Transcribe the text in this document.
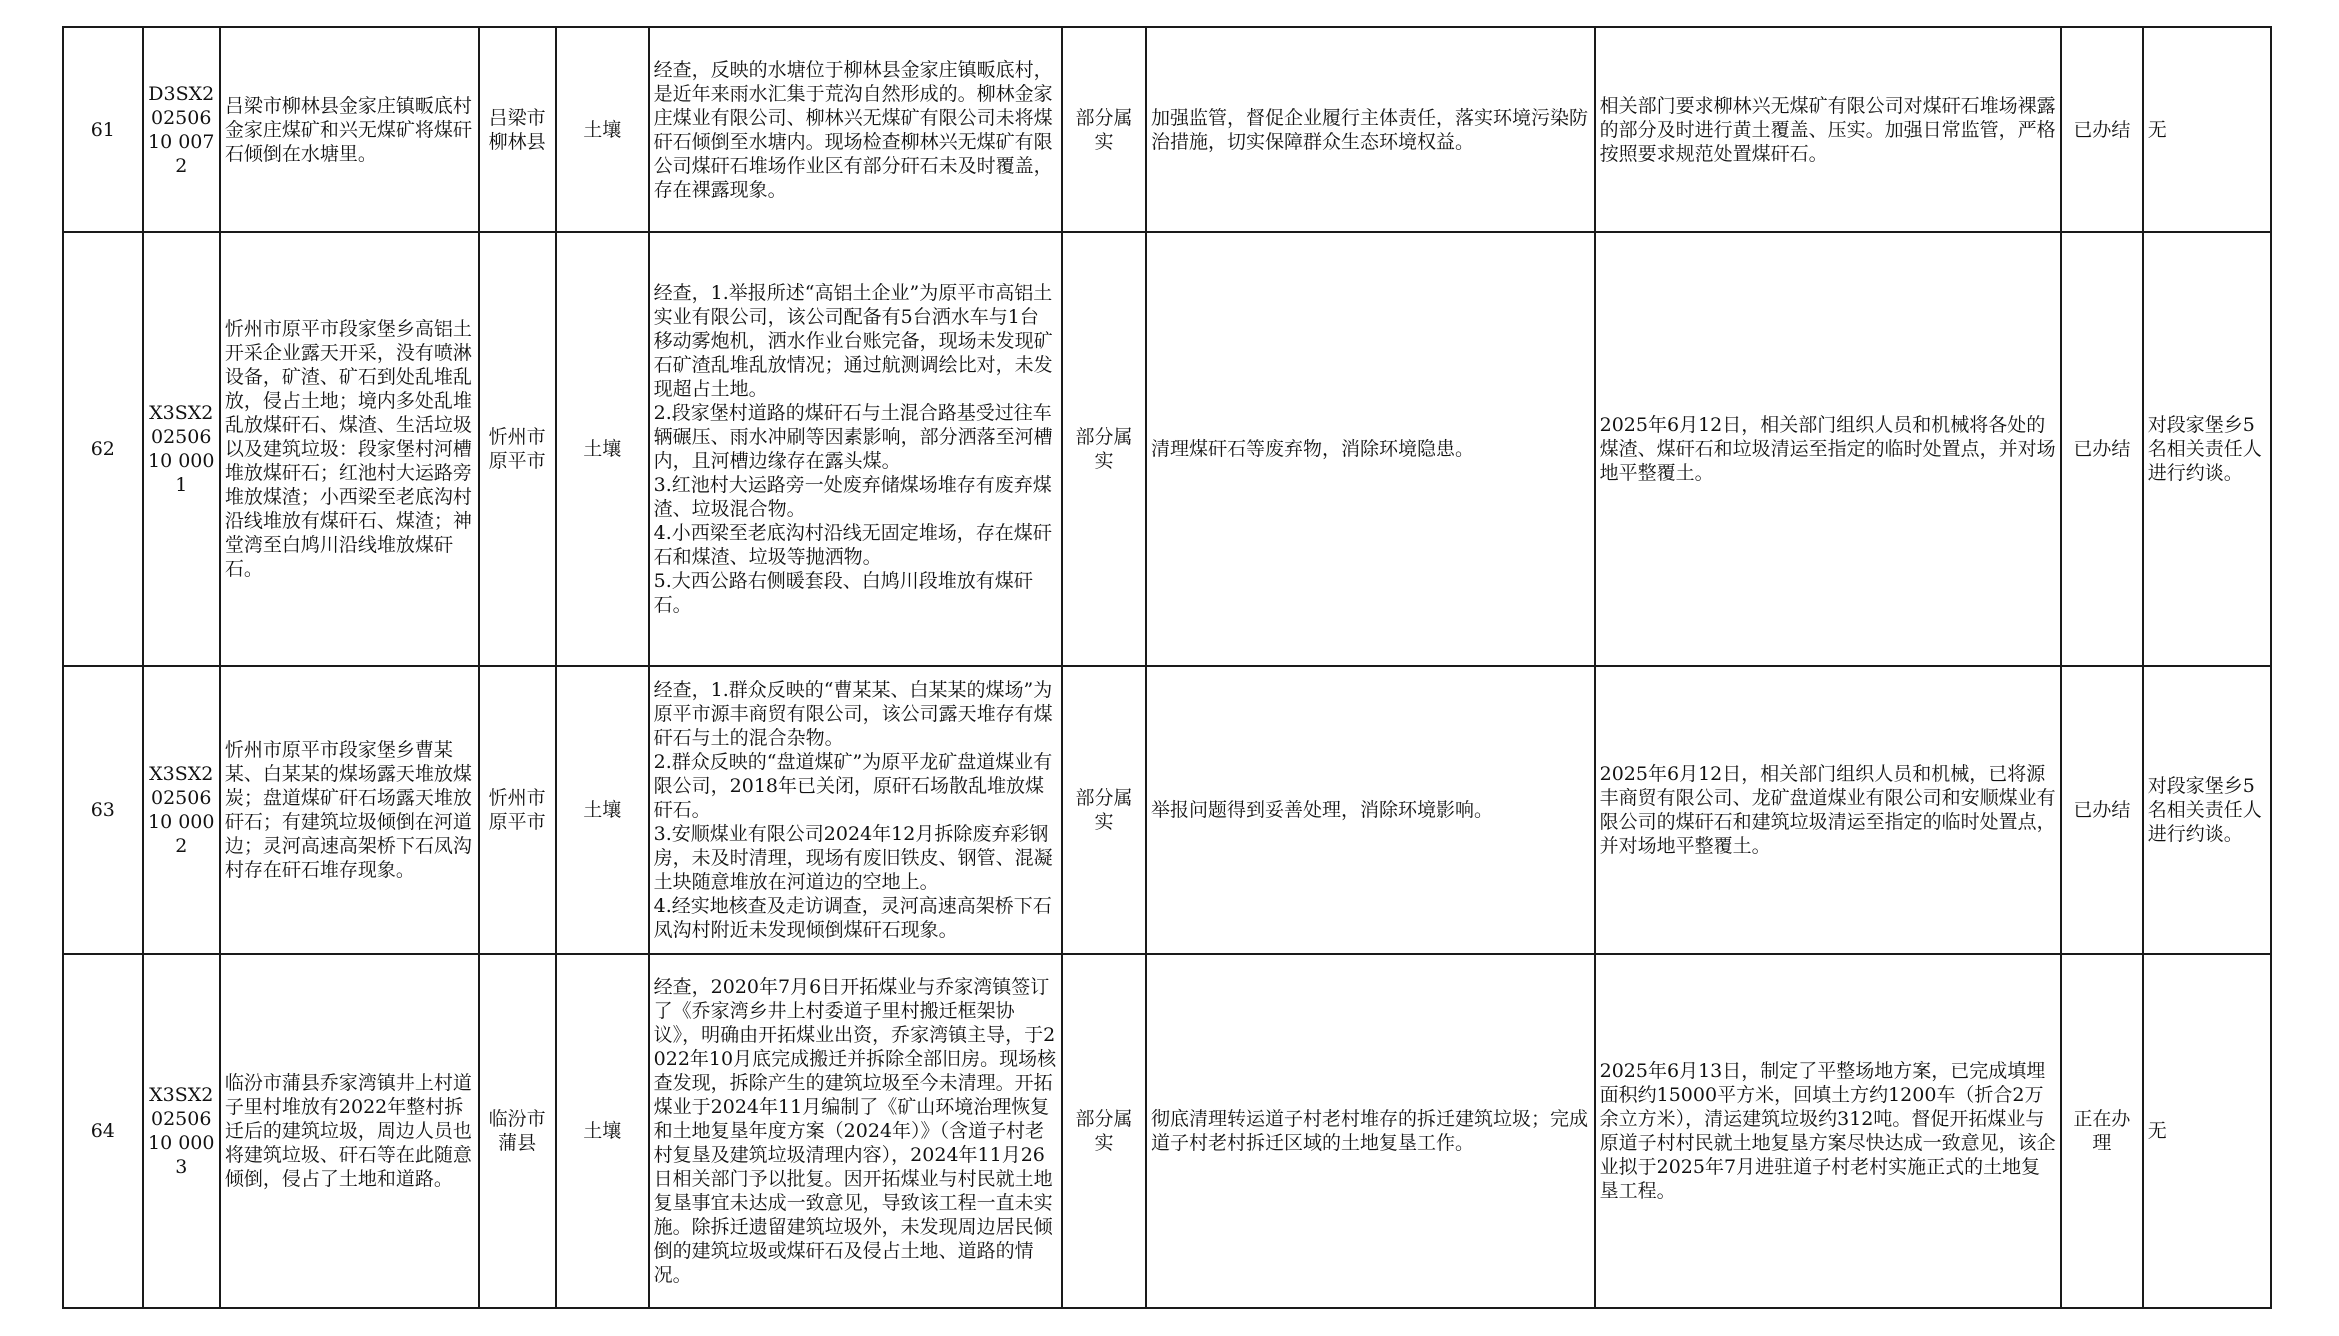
61	D3SX20250610 0072	吕梁市柳林县金家庄镇畈底村金家庄煤矿和兴无煤矿将煤矸石倾倒在水塘里。	吕梁市柳林县	土壤	经查，反映的水塘位于柳林县金家庄镇畈底村，是近年来雨水汇集于荒沟自然形成的。柳林金家庄煤业有限公司、柳林兴无煤矿有限公司未将煤矸石倾倒至水塘内。现场检查柳林兴无煤矿有限公司煤矸石堆场作业区有部分矸石未及时覆盖，存在裸露现象。	部分属实	加强监管，督促企业履行主体责任，落实环境污染防治措施，切实保障群众生态环境权益。	相关部门要求柳林兴无煤矿有限公司对煤矸石堆场裸露的部分及时进行黄土覆盖、压实。加强日常监管，严格按照要求规范处置煤矸石。	已办结	无
62	X3SX20250610 0001	忻州市原平市段家堡乡高铝土开采企业露天开采，没有喷淋设备，矿渣、矿石到处乱堆乱放，侵占土地；境内多处乱堆乱放煤矸石、煤渣、生活垃圾以及建筑垃圾：段家堡村河槽堆放煤矸石；红池村大运路旁堆放煤渣；小西梁至老底沟村沿线堆放有煤矸石、煤渣；神堂湾至白鸠川沿线堆放煤矸石。	忻州市原平市	土壤	经查，1.举报所述“高铝土企业”为原平市高铝土实业有限公司，该公司配备有5台洒水车与1台移动雾炮机，洒水作业台账完备，现场未发现矿石矿渣乱堆乱放情况；通过航测调绘比对，未发现超占土地。
2.段家堡村道路的煤矸石与土混合路基受过往车辆碾压、雨水冲刷等因素影响，部分洒落至河槽内，且河槽边缘存在露头煤。
3.红池村大运路旁一处废弃储煤场堆存有废弃煤渣、垃圾混合物。
4.小西梁至老底沟村沿线无固定堆场，存在煤矸石和煤渣、垃圾等抛洒物。
5.大西公路右侧暖套段、白鸠川段堆放有煤矸石。	部分属实	清理煤矸石等废弃物，消除环境隐患。	2025年6月12日，相关部门组织人员和机械将各处的煤渣、煤矸石和垃圾清运至指定的临时处置点，并对场地平整覆土。	已办结	对段家堡乡5名相关责任人进行约谈。
63	X3SX20250610 0002	忻州市原平市段家堡乡曹某某、白某某的煤场露天堆放煤炭；盘道煤矿矸石场露天堆放矸石；有建筑垃圾倾倒在河道边；灵河高速高架桥下石凤沟村存在矸石堆存现象。	忻州市原平市	土壤	经查，1.群众反映的“曹某某、白某某的煤场”为原平市源丰商贸有限公司，该公司露天堆存有煤矸石与土的混合杂物。
2.群众反映的“盘道煤矿”为原平龙矿盘道煤业有限公司，2018年已关闭，原矸石场散乱堆放煤矸石。
3.安顺煤业有限公司2024年12月拆除废弃彩钢房，未及时清理，现场有废旧铁皮、钢管、混凝土块随意堆放在河道边的空地上。
4.经实地核查及走访调查，灵河高速高架桥下石凤沟村附近未发现倾倒煤矸石现象。	部分属实	举报问题得到妥善处理，消除环境影响。	2025年6月12日，相关部门组织人员和机械，已将源丰商贸有限公司、龙矿盘道煤业有限公司和安顺煤业有限公司的煤矸石和建筑垃圾清运至指定的临时处置点，并对场地平整覆土。	已办结	对段家堡乡5名相关责任人进行约谈。
64	X3SX20250610 0003	临汾市蒲县乔家湾镇井上村道子里村堆放有2022年整村拆迁后的建筑垃圾，周边人员也将建筑垃圾、矸石等在此随意倾倒，侵占了土地和道路。	临汾市蒲县	土壤	经查，2020年7月6日开拓煤业与乔家湾镇签订了《乔家湾乡井上村委道子里村搬迁框架协议》，明确由开拓煤业出资，乔家湾镇主导，于2022年10月底完成搬迁并拆除全部旧房。现场核查发现，拆除产生的建筑垃圾至今未清理。开拓煤业于2024年11月编制了《矿山环境治理恢复和土地复垦年度方案（2024年）》（含道子村老村复垦及建筑垃圾清理内容），2024年11月26日相关部门予以批复。因开拓煤业与村民就土地复垦事宜未达成一致意见，导致该工程一直未实施。除拆迁遗留建筑垃圾外，未发现周边居民倾倒的建筑垃圾或煤矸石及侵占土地、道路的情况。	部分属实	彻底清理转运道子村老村堆存的拆迁建筑垃圾；完成道子村老村拆迁区域的土地复垦工作。	2025年6月13日，制定了平整场地方案，已完成填埋面积约15000平方米，回填土方约1200车（折合2万余立方米），清运建筑垃圾约312吨。督促开拓煤业与原道子村村民就土地复垦方案尽快达成一致意见，该企业拟于2025年7月进驻道子村老村实施正式的土地复垦工程。	正在办理	无
